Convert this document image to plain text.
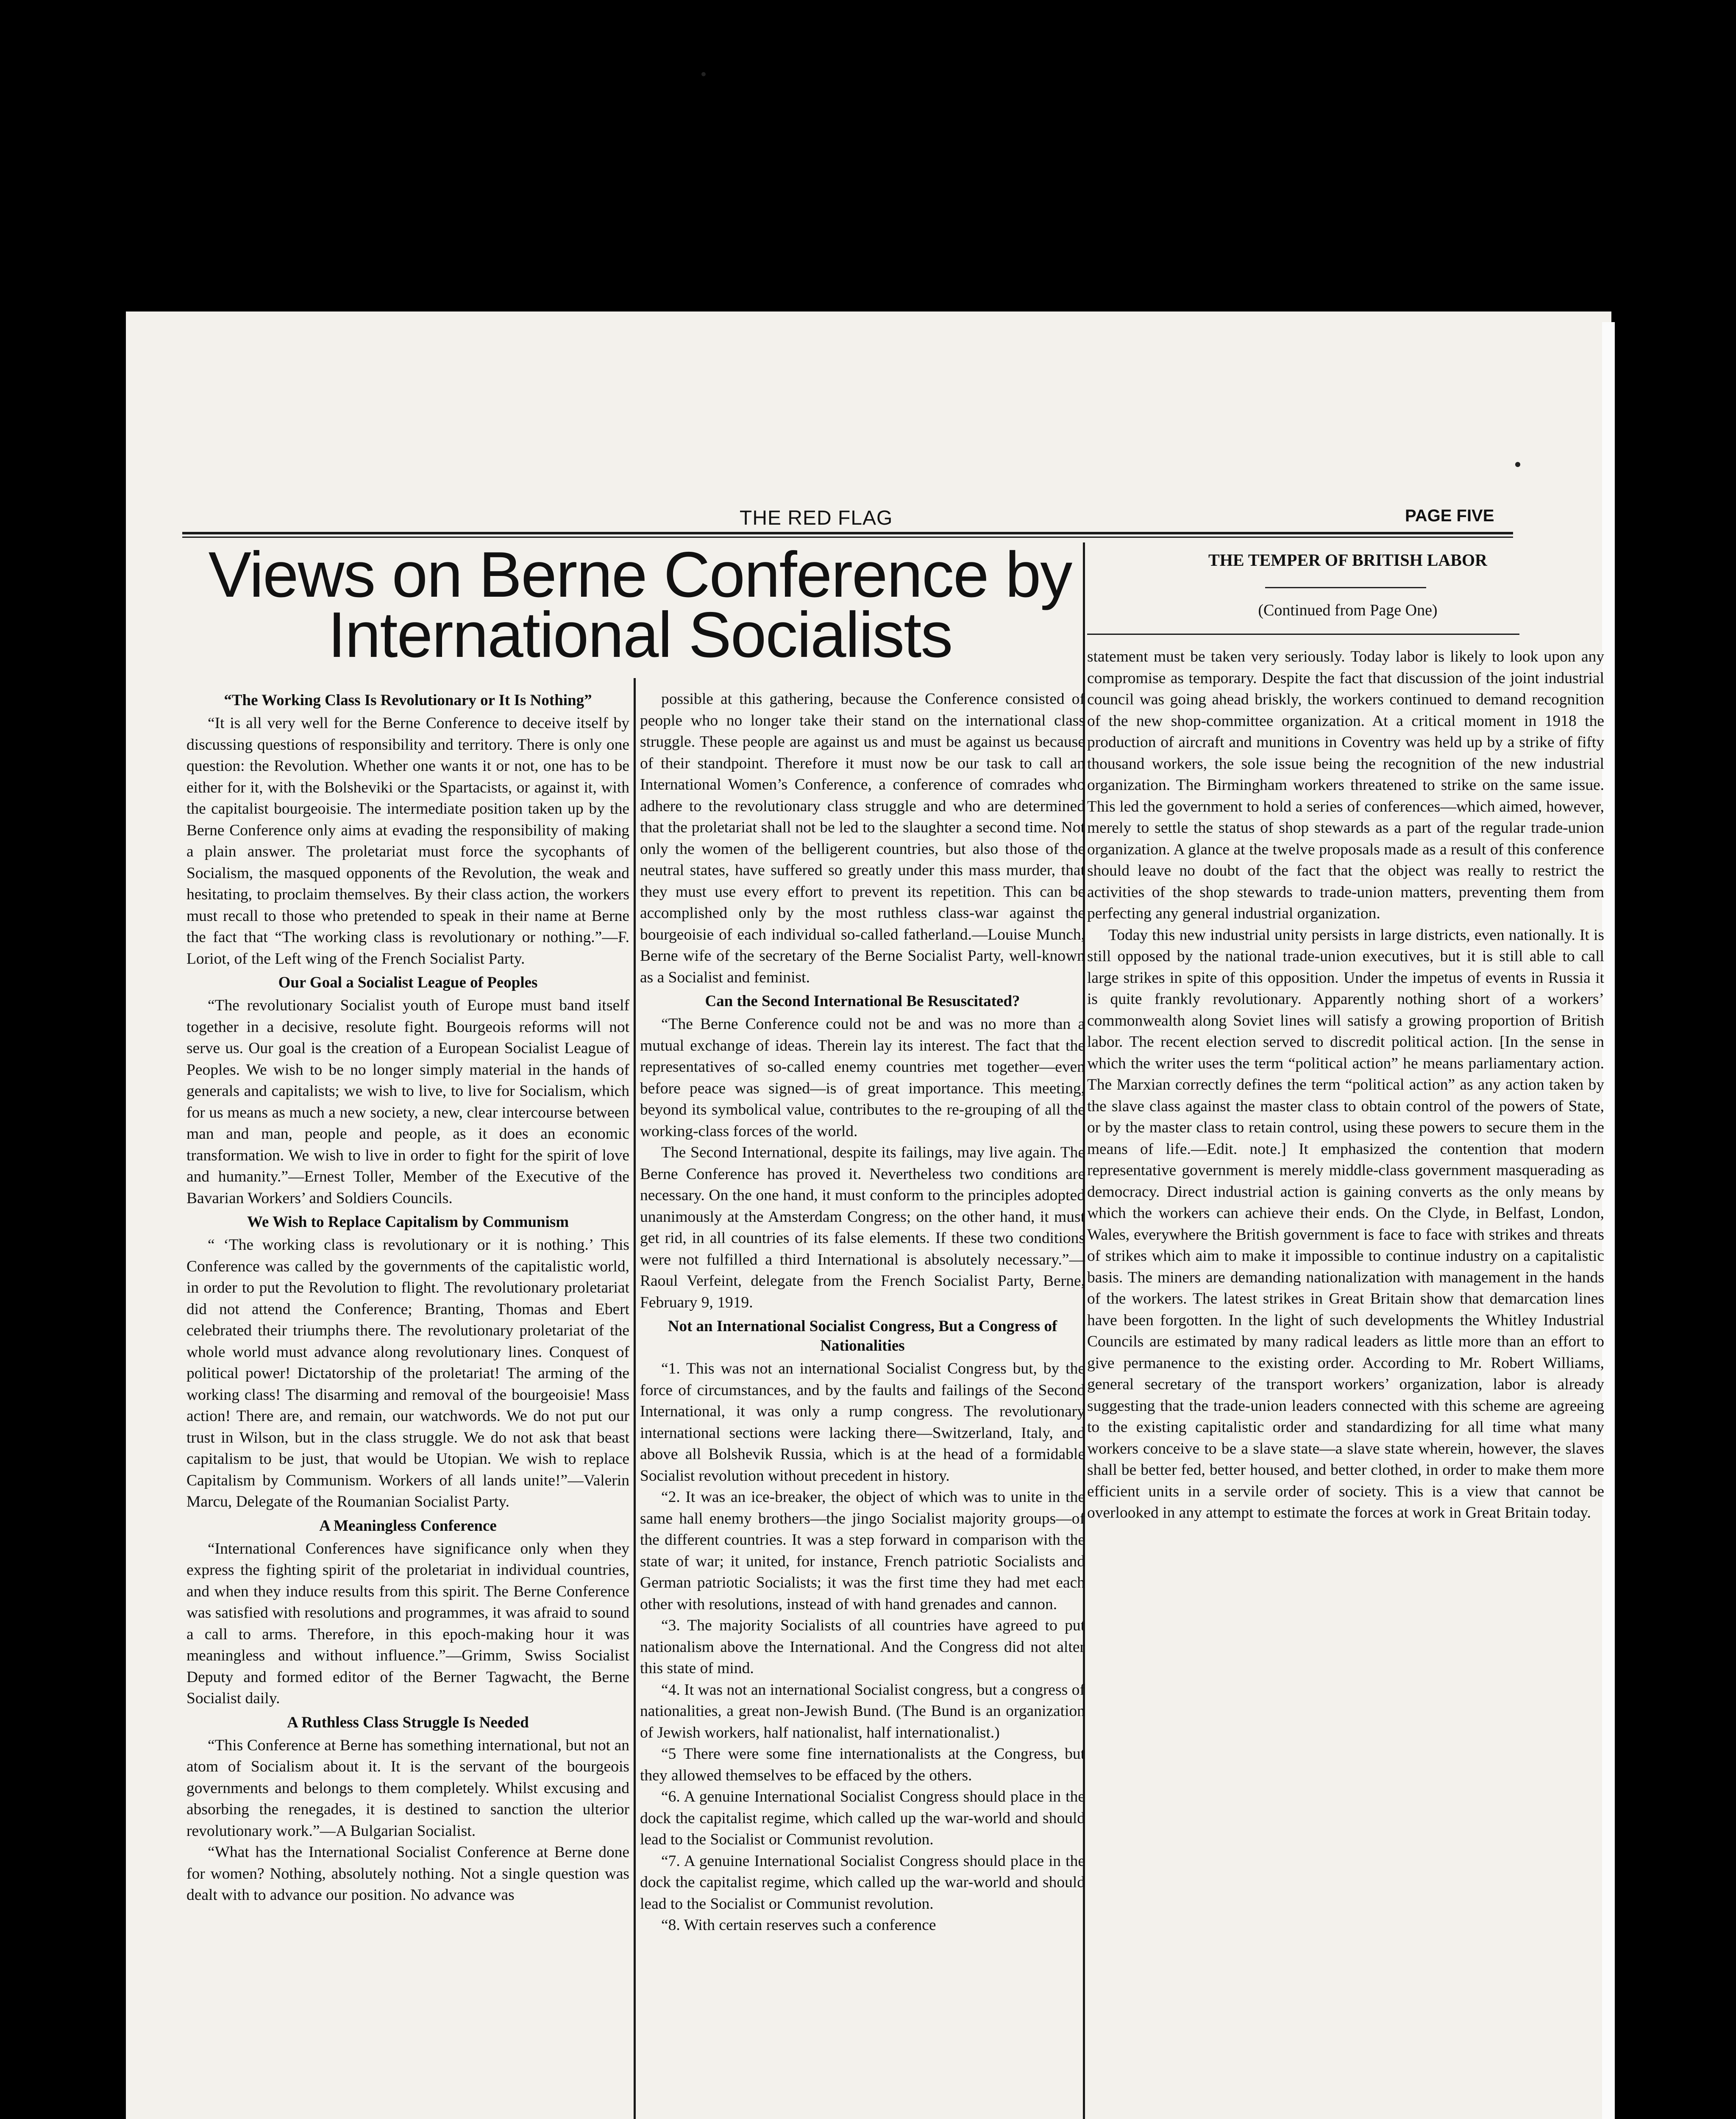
THE RED FLAG	PAGE FIVE
Views on Berne Conference by International Socialists
THE TEMPER OF BRITISH LABOR
(Continued from Page One)
“The Working Class Is Revolutionary or It Is Nothing”

“It is all very well for the Berne Conference to deceive itself by discussing questions of responsibility and territory. There is only one question: the Revolution. Whether one wants it or not, one has to be either for it, with the Bolsheviki or the Spartacists, or against it, with the capitalist bourgeoisie. The intermediate position taken up by the Berne Conference only aims at evading the responsibility of making a plain answer. The proletariat must force the sycophants of Socialism, the masqued opponents of the Revolution, the weak and hesitating, to proclaim themselves. By their class action, the workers must recall to those who pretended to speak in their name at Berne the fact that “The working class is revolutionary or nothing.”—F. Loriot, of the Left wing of the French Socialist Party.

Our Goal a Socialist League of Peoples

“The revolutionary Socialist youth of Europe must band itself together in a decisive, resolute fight. Bourgeois reforms will not serve us. Our goal is the creation of a European Socialist League of Peoples. We wish to be no longer simply material in the hands of generals and capitalists; we wish to live, to live for Socialism, which for us means as much a new society, a new, clear intercourse between man and man, people and people, as it does an economic transformation. We wish to live in order to fight for the spirit of love and humanity.”—Ernest Toller, Member of the Executive of the Bavarian Workers’ and Soldiers Councils.

We Wish to Replace Capitalism by Communism

“ ‘The working class is revolutionary or it is nothing.’ This Conference was called by the governments of the capitalistic world, in order to put the Revolution to flight. The revolutionary proletariat did not attend the Conference; Branting, Thomas and Ebert celebrated their triumphs there. The revolutionary proletariat of the whole world must advance along revolutionary lines. Conquest of political power! Dictatorship of the proletariat! The arming of the working class! The disarming and removal of the bourgeoisie! Mass action! There are, and remain, our watchwords. We do not put our trust in Wilson, but in the class struggle. We do not ask that beast capitalism to be just, that would be Utopian. We wish to replace Capitalism by Communism. Workers of all lands unite!”—Valerin Marcu, Delegate of the Roumanian Socialist Party.

A Meaningless Conference

“International Conferences have significance only when they express the fighting spirit of the proletariat in individual countries, and when they induce results from this spirit. The Berne Conference was satisfied with resolutions and programmes, it was afraid to sound a call to arms. Therefore, in this epoch-making hour it was meaningless and without influence.”—Grimm, Swiss Socialist Deputy and formed editor of the Berner Tagwacht, the Berne Socialist daily.

A Ruthless Class Struggle Is Needed

“This Conference at Berne has something international, but not an atom of Socialism about it. It is the servant of the bourgeois governments and belongs to them completely. Whilst excusing and absorbing the renegades, it is destined to sanction the ulterior revolutionary work.”—A Bulgarian Socialist.

“What has the International Socialist Conference at Berne done for women? Nothing, absolutely nothing. Not a single question was dealt with to advance our position. No advance was

possible at this gathering, because the Conference consisted of people who no longer take their stand on the international class struggle. These people are against us and must be against us because of their standpoint. Therefore it must now be our task to call an International Women’s Conference, a conference of comrades who adhere to the revolutionary class struggle and who are determined that the proletariat shall not be led to the slaughter a second time. Not only the women of the belligerent countries, but also those of the neutral states, have suffered so greatly under this mass murder, that they must use every effort to prevent its repetition. This can be accomplished only by the most ruthless class-war against the bourgeoisie of each individual so-called fatherland.—Louise Munch, Berne wife of the secretary of the Berne Socialist Party, well-known as a Socialist and feminist.

Can the Second International Be Resuscitated?

“The Berne Conference could not be and was no more than a mutual exchange of ideas. Therein lay its interest. The fact that the representatives of so-called enemy countries met together—even before peace was signed—is of great importance. This meeting, beyond its symbolical value, contributes to the re-grouping of all the working-class forces of the world.

The Second International, despite its failings, may live again. The Berne Conference has proved it. Nevertheless two conditions are necessary. On the one hand, it must conform to the principles adopted unanimously at the Amsterdam Congress; on the other hand, it must get rid, in all countries of its false elements. If these two conditions were not fulfilled a third International is absolutely necessary.”—Raoul Verfeint, delegate from the French Socialist Party, Berne, February 9, 1919.

Not an International Socialist Congress, But a Congress of Nationalities

“1. This was not an international Socialist Congress but, by the force of circumstances, and by the faults and failings of the Second International, it was only a rump congress. The revolutionary international sections were lacking there—Switzerland, Italy, and above all Bolshevik Russia, which is at the head of a formidable Socialist revolution without precedent in history.

“2. It was an ice-breaker, the object of which was to unite in the same hall enemy brothers—the jingo Socialist majority groups—of the different countries. It was a step forward in comparison with the state of war; it united, for instance, French patriotic Socialists and German patriotic Socialists; it was the first time they had met each other with resolutions, instead of with hand grenades and cannon.

“3. The majority Socialists of all countries have agreed to put nationalism above the International. And the Congress did not alter this state of mind.

“4. It was not an international Socialist congress, but a congress of nationalities, a great non-Jewish Bund. (The Bund is an organization of Jewish workers, half nationalist, half internationalist.)

“5 There were some fine internationalists at the Congress, but they allowed themselves to be effaced by the others.

“6. A genuine International Socialist Congress should place in the dock the capitalist regime, which called up the war-world and should lead to the Socialist or Communist revolution.

“7. A genuine International Socialist Congress should place in the dock the capitalist regime, which called up the war-world and should lead to the Socialist or Communist revolution.

“8. With certain reserves such a conference

statement must be taken very seriously. Today labor is likely to look upon any compromise as temporary. Despite the fact that discussion of the joint industrial council was going ahead briskly, the workers continued to demand recognition of the new shop-committee organization. At a critical moment in 1918 the production of aircraft and munitions in Coventry was held up by a strike of fifty thousand workers, the sole issue being the recognition of the new industrial organization. The Birmingham workers threatened to strike on the same issue. This led the government to hold a series of conferences—which aimed, however, merely to settle the status of shop stewards as a part of the regular trade-union organization. A glance at the twelve proposals made as a result of this conference should leave no doubt of the fact that the object was really to restrict the activities of the shop stewards to trade-union matters, preventing them from perfecting any general industrial organization.

Today this new industrial unity persists in large districts, even nationally. It is still opposed by the national trade-union executives, but it is still able to call large strikes in spite of this opposition. Under the impetus of events in Russia it is quite frankly revolutionary. Apparently nothing short of a workers’ commonwealth along Soviet lines will satisfy a growing proportion of British labor. The recent election served to discredit political action. [In the sense in which the writer uses the term “political action” he means parliamentary action. The Marxian correctly defines the term “political action” as any action taken by the slave class against the master class to obtain control of the powers of State, or by the master class to retain control, using these powers to secure them in the means of life.—Edit. note.] It emphasized the contention that modern representative government is merely middle-class government masquerading as democracy. Direct industrial action is gaining converts as the only means by which the workers can achieve their ends. On the Clyde, in Belfast, London, Wales, everywhere the British government is face to face with strikes and threats of strikes which aim to make it impossible to continue industry on a capitalistic basis. The miners are demanding nationalization with management in the hands of the workers. The latest strikes in Great Britain show that demarcation lines have been forgotten. In the light of such developments the Whitley Industrial Councils are estimated by many radical leaders as little more than an effort to give permanence to the existing order. According to Mr. Robert Williams, general secretary of the transport workers’ organization, labor is already suggesting that the trade-union leaders connected with this scheme are agreeing to the existing capitalistic order and standardizing for all time what many workers conceive to be a slave state—a slave state wherein, however, the slaves shall be better fed, better housed, and better clothed, in order to make them more efficient units in a servile order of society. This is a view that cannot be overlooked in any attempt to estimate the forces at work in Great Britain today.
